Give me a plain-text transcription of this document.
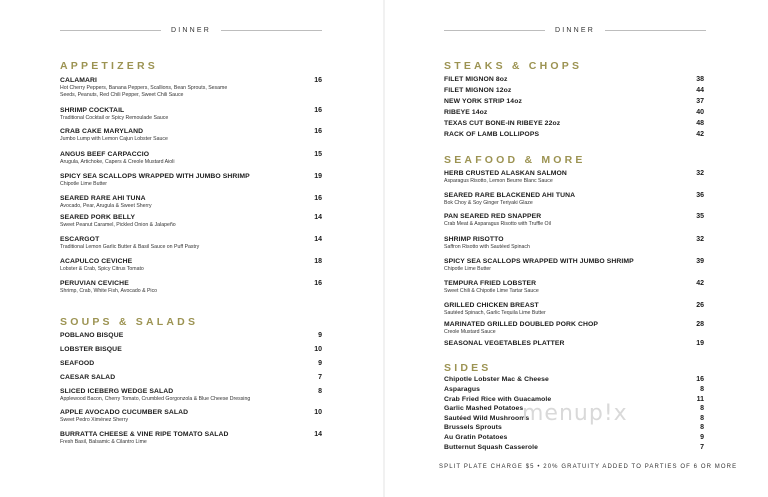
DINNER
APPETIZERS
CALAMARI
Hot Cherry Peppers, Banana Peppers, Scallions, Bean Sprouts, Sesame Seeds, Peanuts, Red Chili Pepper, Sweet Chili Sauce
16
SHRIMP COCKTAIL
Traditional Cocktail or Spicy Remoulade Sauce
16
CRAB CAKE MARYLAND
Jumbo Lump with Lemon Cajun Lobster Sauce
16
ANGUS BEEF CARPACCIO
Arugula, Artichoke, Capers & Creole Mustard Aioli
15
SPICY SEA SCALLOPS WRAPPED WITH JUMBO SHRIMP
Chipotle Lime Butter
19
SEARED RARE AHI TUNA
Avocado, Pear, Arugula & Sweet Sherry
16
SEARED PORK BELLY
Sweet Peanut Caramel, Pickled Onion & Jalapeño
14
ESCARGOT
Traditional Lemon Garlic Butter & Basil Sauce on Puff Pastry
14
ACAPULCO CEVICHE
Lobster & Crab, Spicy Citrus Tomato
18
PERUVIAN CEVICHE
Shrimp, Crab, White Fish, Avocado & Pico
16
SOUPS & SALADS
POBLANO BISQUE	9
LOBSTER BISQUE	10
SEAFOOD	9
CAESAR SALAD	7
SLICED ICEBERG WEDGE SALAD
Applewood Bacon, Cherry Tomato, Crumbled Gorgonzola & Blue Cheese Dressing
8
APPLE AVOCADO CUCUMBER SALAD
Sweet Pedro Ximénez Sherry
10
BURRATTA CHEESE & VINE RIPE TOMATO SALAD
Fresh Basil, Balsamic & Cilantro Lime
14
DINNER
STEAKS & CHOPS
FILET MIGNON 8oz	38
FILET MIGNON 12oz	44
NEW YORK STRIP 14oz	37
RIBEYE 14oz	40
TEXAS CUT BONE-IN RIBEYE 22oz	48
RACK OF LAMB LOLLIPOPS	42
SEAFOOD & MORE
HERB CRUSTED ALASKAN SALMON
Asparagus Risotto, Lemon Beurre Blanc Sauce
32
SEARED RARE BLACKENED AHI TUNA
Bok Choy & Soy Ginger Teriyaki Glaze
36
PAN SEARED RED SNAPPER
Crab Meat & Asparagus Risotto with Truffle Oil
35
SHRIMP RISOTTO
Saffron Risotto with Sautéed Spinach
32
SPICY SEA SCALLOPS WRAPPED WITH JUMBO SHRIMP
Chipotle Lime Butter
39
TEMPURA FRIED LOBSTER
Sweet Chili & Chipotle Lime Tartar Sauce
42
GRILLED CHICKEN BREAST
Sautéed Spinach, Garlic Tequila Lime Butter
26
MARINATED GRILLED DOUBLED PORK CHOP
Creole Mustard Sauce
28
SEASONAL VEGETABLES PLATTER	19
SIDES
Chipotle Lobster Mac & Cheese	16
Asparagus	8
Crab Fried Rice with Guacamole	11
Garlic Mashed Potatoes	8
Sautéed Wild Mushrooms	8
Brussels Sprouts	8
Au Gratin Potatoes	9
Butternut Squash Casserole	7
SPLIT PLATE CHARGE $5 • 20% GRATUITY ADDED TO PARTIES OF 6 OR MORE
menup!x
